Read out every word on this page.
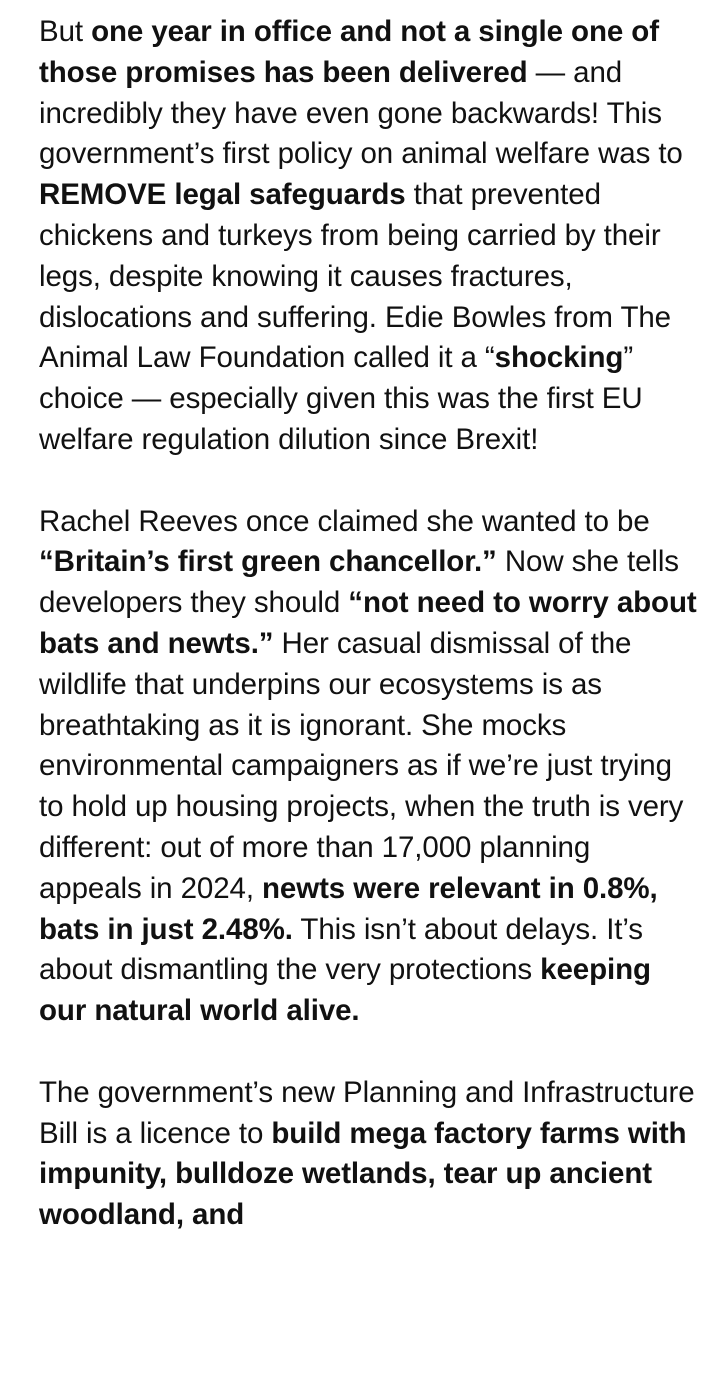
But one year in office and not a single one of those promises has been delivered — and incredibly they have even gone backwards! This government’s first policy on animal welfare was to REMOVE legal safeguards that prevented chickens and turkeys from being carried by their legs, despite knowing it causes fractures, dislocations and suffering. Edie Bowles from The Animal Law Foundation called it a “shocking” choice — especially given this was the first EU welfare regulation dilution since Brexit!

Rachel Reeves once claimed she wanted to be “Britain’s first green chancellor.” Now she tells developers they should “not need to worry about bats and newts.” Her casual dismissal of the wildlife that underpins our ecosystems is as breathtaking as it is ignorant. She mocks environmental campaigners as if we’re just trying to hold up housing projects, when the truth is very different: out of more than 17,000 planning appeals in 2024, newts were relevant in 0.8%, bats in just 2.48%. This isn’t about delays. It’s about dismantling the very protections keeping our natural world alive.

The government’s new Planning and Infrastructure Bill is a licence to build mega factory farms with impunity, bulldoze wetlands, tear up ancient woodland, and
